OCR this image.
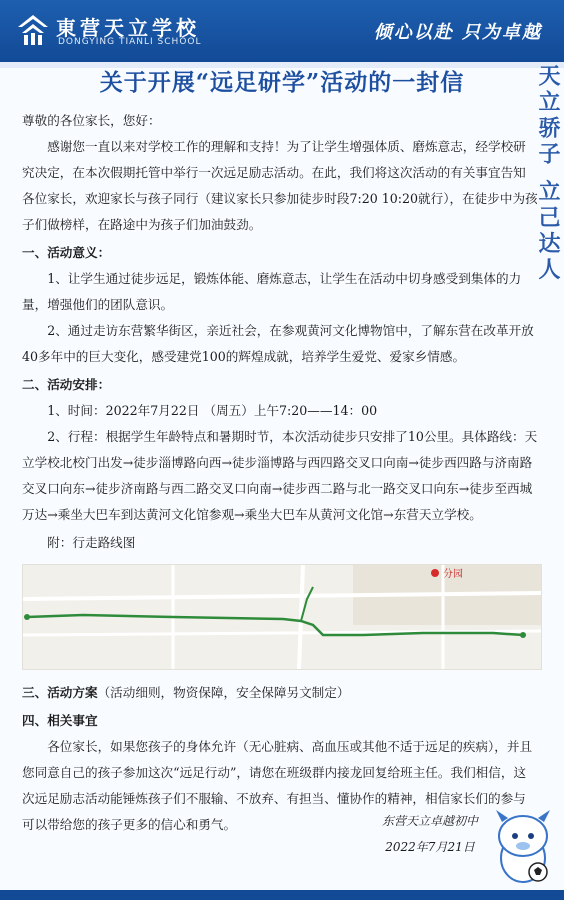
東营天立学校
DONGYING TIANLI SCHOOL	倾心以赴 只为卓越
天立骄子 立己达人
关于开展“远足研学”活动的一封信

尊敬的各位家长，您好：

感谢您一直以来对学校工作的理解和支持！为了让学生增强体质、磨炼意志，经学校研究决定，在本次假期托管中举行一次远足励志活动。在此，我们将这次活动的有关事宜告知各位家长，欢迎家长与孩子同行（建议家长只参加徒步时段7:20 10:20就行），在徒步中为孩子们做榜样，在路途中为孩子们加油鼓劲。

一、活动意义：

1、让学生通过徒步远足，锻炼体能、磨炼意志，让学生在活动中切身感受到集体的力量，增强他们的团队意识。

2、通过走访东营繁华街区，亲近社会，在参观黄河文化博物馆中，了解东营在改革开放40多年中的巨大变化，感受建党100的辉煌成就，培养学生爱党、爱家乡情感。

二、活动安排：

1、时间：2022年7月22日 （周五）上午7:20——14：00

2、行程：根据学生年龄特点和暑期时节，本次活动徒步只安排了10公里。具体路线：天立学校北校门出发→徒步淄博路向西→徒步淄博路与西四路交叉口向南→徒步西四路与济南路交叉口向东→徒步济南路与西二路交叉口向南→徒步西二路与北一路交叉口向东→徒步至西城万达→乘坐大巴车到达黄河文化馆参观→乘坐大巴车从黄河文化馆→东营天立学校。

附：行走路线图

分园

三、活动方案（活动细则，物资保障，安全保障另文制定）

四、相关事宜

各位家长，如果您孩子的身体允许（无心脏病、高血压或其他不适于远足的疾病），并且您同意自己的孩子参加这次“远足行动”，请您在班级群内接龙回复给班主任。我们相信，这次远足励志活动能锤炼孩子们不服输、不放弃、有担当、懂协作的精神，相信家长们的参与可以带给您的孩子更多的信心和勇气。	东营天立卓越初中
2022年7月21日
